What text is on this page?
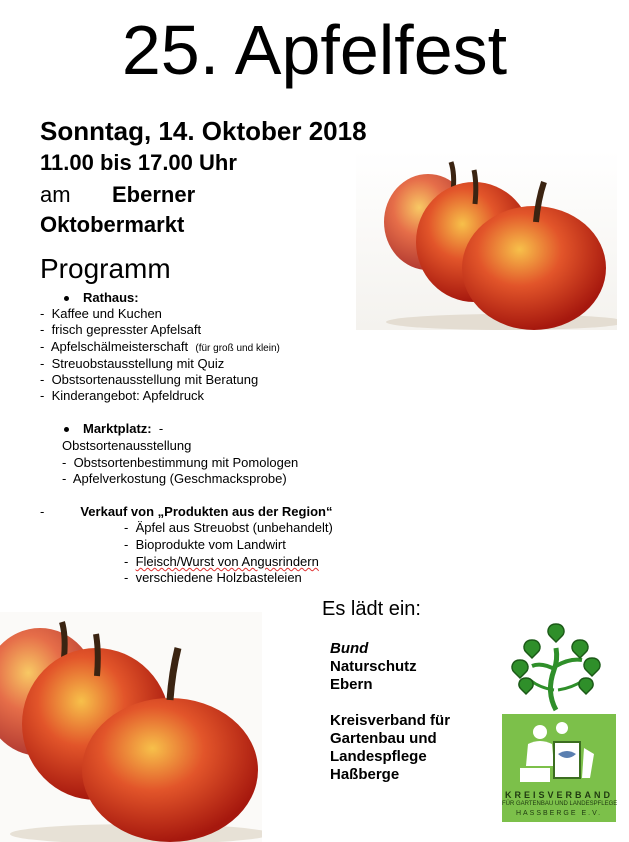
25. Apfelfest
Sonntag, 14. Oktober 2018
11.00 bis 17.00 Uhr
am Eberner
Oktobermarkt
Programm
Rathaus:
-  Kaffee und Kuchen
-  frisch gepresster Apfelsaft
-  Apfelschälmeisterschaft (für groß und klein)
-  Streuobstausstellung mit Quiz
-  Obstsortenausstellung mit Beratung
-  Kinderangebot: Apfeldruck
Marktplatz: -
Obstsortenausstellung
-  Obstsortenbestimmung mit Pomologen
-  Apfelverkostung (Geschmacksprobe)
-	Verkauf von „Produkten aus der Region“
-  Äpfel aus Streuobst (unbehandelt)
-  Bioprodukte vom Landwirt
-  Fleisch/Wurst von Angusrindern
-  verschiedene Holzbasteleien
Es lädt ein:
Bund
Naturschutz
Ebern
Kreisverband für
Gartenbau und
Landespflege
Haßberge
KREISVERBAND
FÜR GARTENBAU UND LANDESPFLEGE
HASSBERGE E.V.
